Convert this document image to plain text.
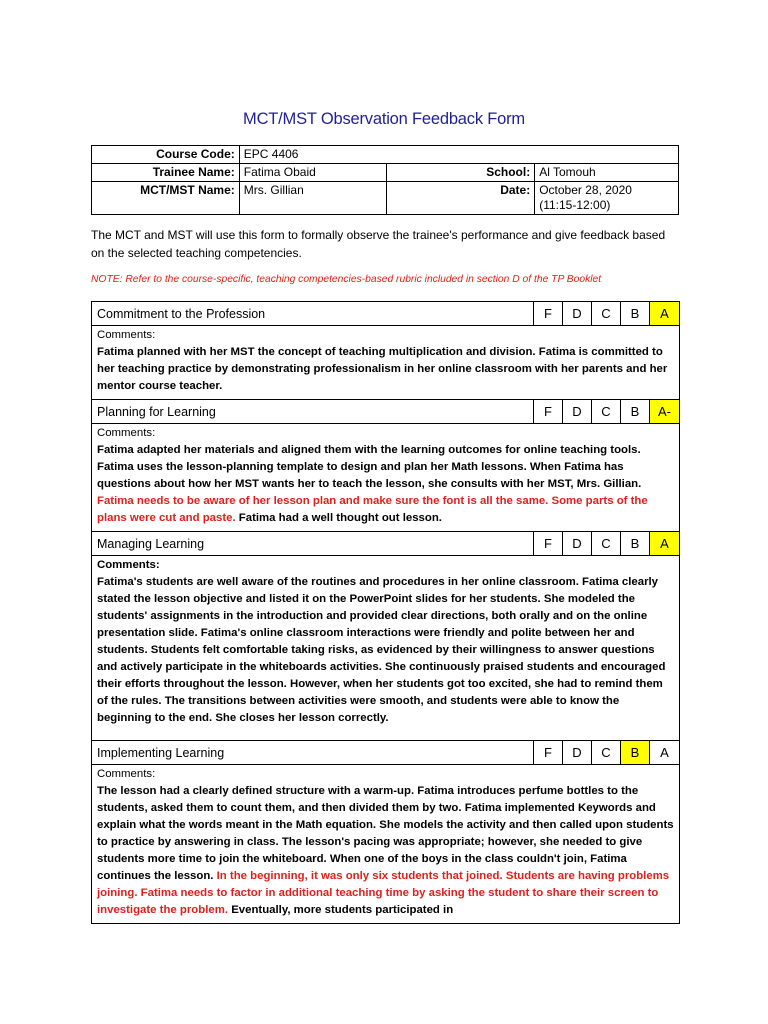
MCT/MST Observation Feedback Form
Course Code:	EPC 4406		
Trainee Name:	Fatima Obaid	School:	Al Tomouh
MCT/MST Name:	Mrs. Gillian	Date:	October 28, 2020
(11:15-12:00)
The MCT and MST will use this form to formally observe the trainee's performance and give feedback based on the selected teaching competencies.
NOTE: Refer to the course-specific, teaching competencies-based rubric included in section D of the TP Booklet
Commitment to the Profession	F	D	C	B	A

Comments:
Fatima planned with her MST the concept of teaching multiplication and division. Fatima is committed to her teaching practice by demonstrating professionalism in her online classroom with her parents and her mentor course teacher.					

Planning for Learning	F	D	C	B	A-

Comments:
Fatima adapted her materials and aligned them with the learning outcomes for online teaching tools. Fatima uses the lesson-planning template to design and plan her Math lessons. When Fatima has questions about how her MST wants her to teach the lesson, she consults with her MST, Mrs. Gillian. Fatima needs to be aware of her lesson plan and make sure the font is all the same. Some parts of the plans were cut and paste. Fatima had a well thought out lesson.					

Managing Learning	F	D	C	B	A

Comments:
Fatima's students are well aware of the routines and procedures in her online classroom. Fatima clearly stated the lesson objective and listed it on the PowerPoint slides for her students. She modeled the students' assignments in the introduction and provided clear directions, both orally and on the online presentation slide. Fatima's online classroom interactions were friendly and polite between her and students. Students felt comfortable taking risks, as evidenced by their willingness to answer questions and actively participate in the whiteboards activities. She continuously praised students and encouraged their efforts throughout the lesson. However, when her students got too excited, she had to remind them of the rules. The transitions between activities were smooth, and students were able to know the beginning to the end. She closes her lesson correctly.					

Implementing Learning	F	D	C	B	A

Comments:
The lesson had a clearly defined structure with a warm-up. Fatima introduces perfume bottles to the students, asked them to count them, and then divided them by two. Fatima implemented Keywords and explain what the words meant in the Math equation. She models the activity and then called upon students to practice by answering in class. The lesson's pacing was appropriate; however, she needed to give students more time to join the whiteboard. When one of the boys in the class couldn't join, Fatima continues the lesson. In the beginning, it was only six students that joined. Students are having problems joining. Fatima needs to factor in additional teaching time by asking the student to share their screen to investigate the problem. Eventually, more students participated in					
